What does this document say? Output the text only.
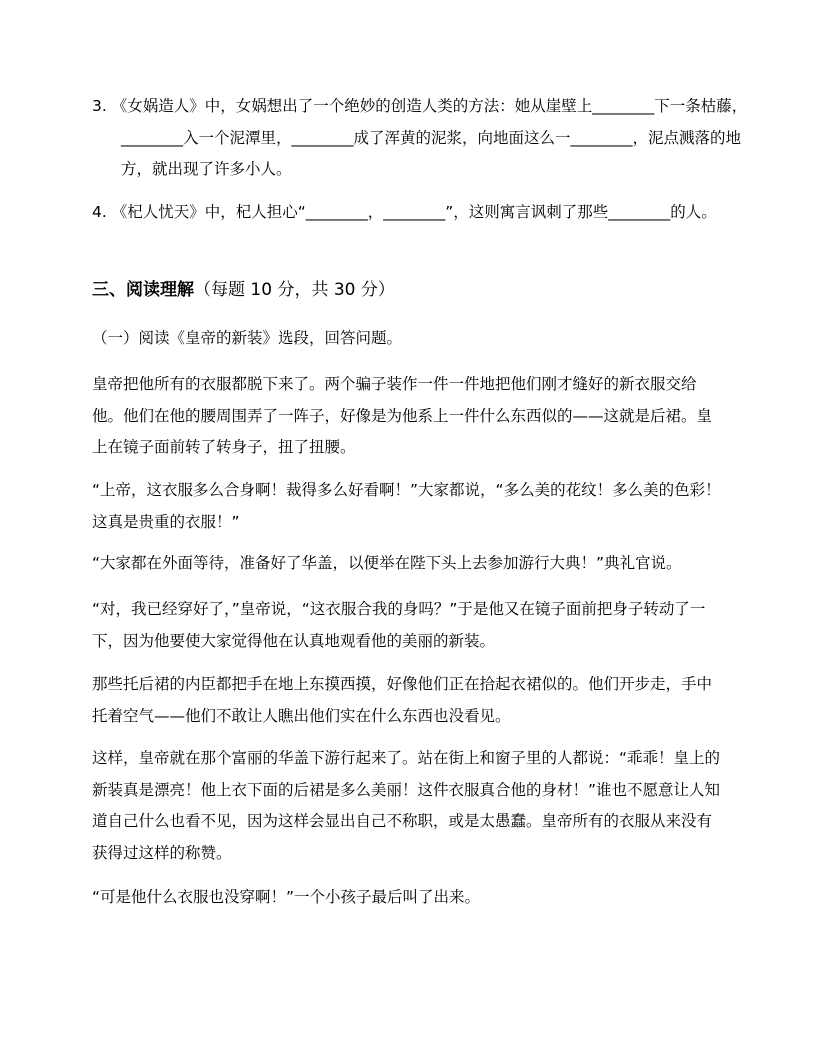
3. 《女娲造人》中，女娲想出了一个绝妙的创造人类的方法：她从崖壁上________下一条枯藤，________入一个泥潭里，________成了浑黄的泥浆，向地面这么一________，泥点溅落的地方，就出现了许多小人。

4. 《杞人忧天》中，杞人担心“________，________”，这则寓言讽刺了那些________的人。

三、阅读理解（每题 10 分，共 30 分）

（一）阅读《皇帝的新装》选段，回答问题。

皇帝把他所有的衣服都脱下来了。两个骗子装作一件一件地把他们刚才缝好的新衣服交给他。他们在他的腰周围弄了一阵子，好像是为他系上一件什么东西似的——这就是后裙。皇上在镜子面前转了转身子，扭了扭腰。

“上帝，这衣服多么合身啊！裁得多么好看啊！”大家都说，“多么美的花纹！多么美的色彩！这真是贵重的衣服！”

“大家都在外面等待，准备好了华盖，以便举在陛下头上去参加游行大典！”典礼官说。

“对，我已经穿好了，”皇帝说，“这衣服合我的身吗？”于是他又在镜子面前把身子转动了一下，因为他要使大家觉得他在认真地观看他的美丽的新装。

那些托后裙的内臣都把手在地上东摸西摸，好像他们正在拾起衣裙似的。他们开步走，手中托着空气——他们不敢让人瞧出他们实在什么东西也没看见。

这样，皇帝就在那个富丽的华盖下游行起来了。站在街上和窗子里的人都说：“乖乖！皇上的新装真是漂亮！他上衣下面的后裙是多么美丽！这件衣服真合他的身材！”谁也不愿意让人知道自己什么也看不见，因为这样会显出自己不称职，或是太愚蠢。皇帝所有的衣服从来没有获得过这样的称赞。

“可是他什么衣服也没穿啊！”一个小孩子最后叫了出来。
